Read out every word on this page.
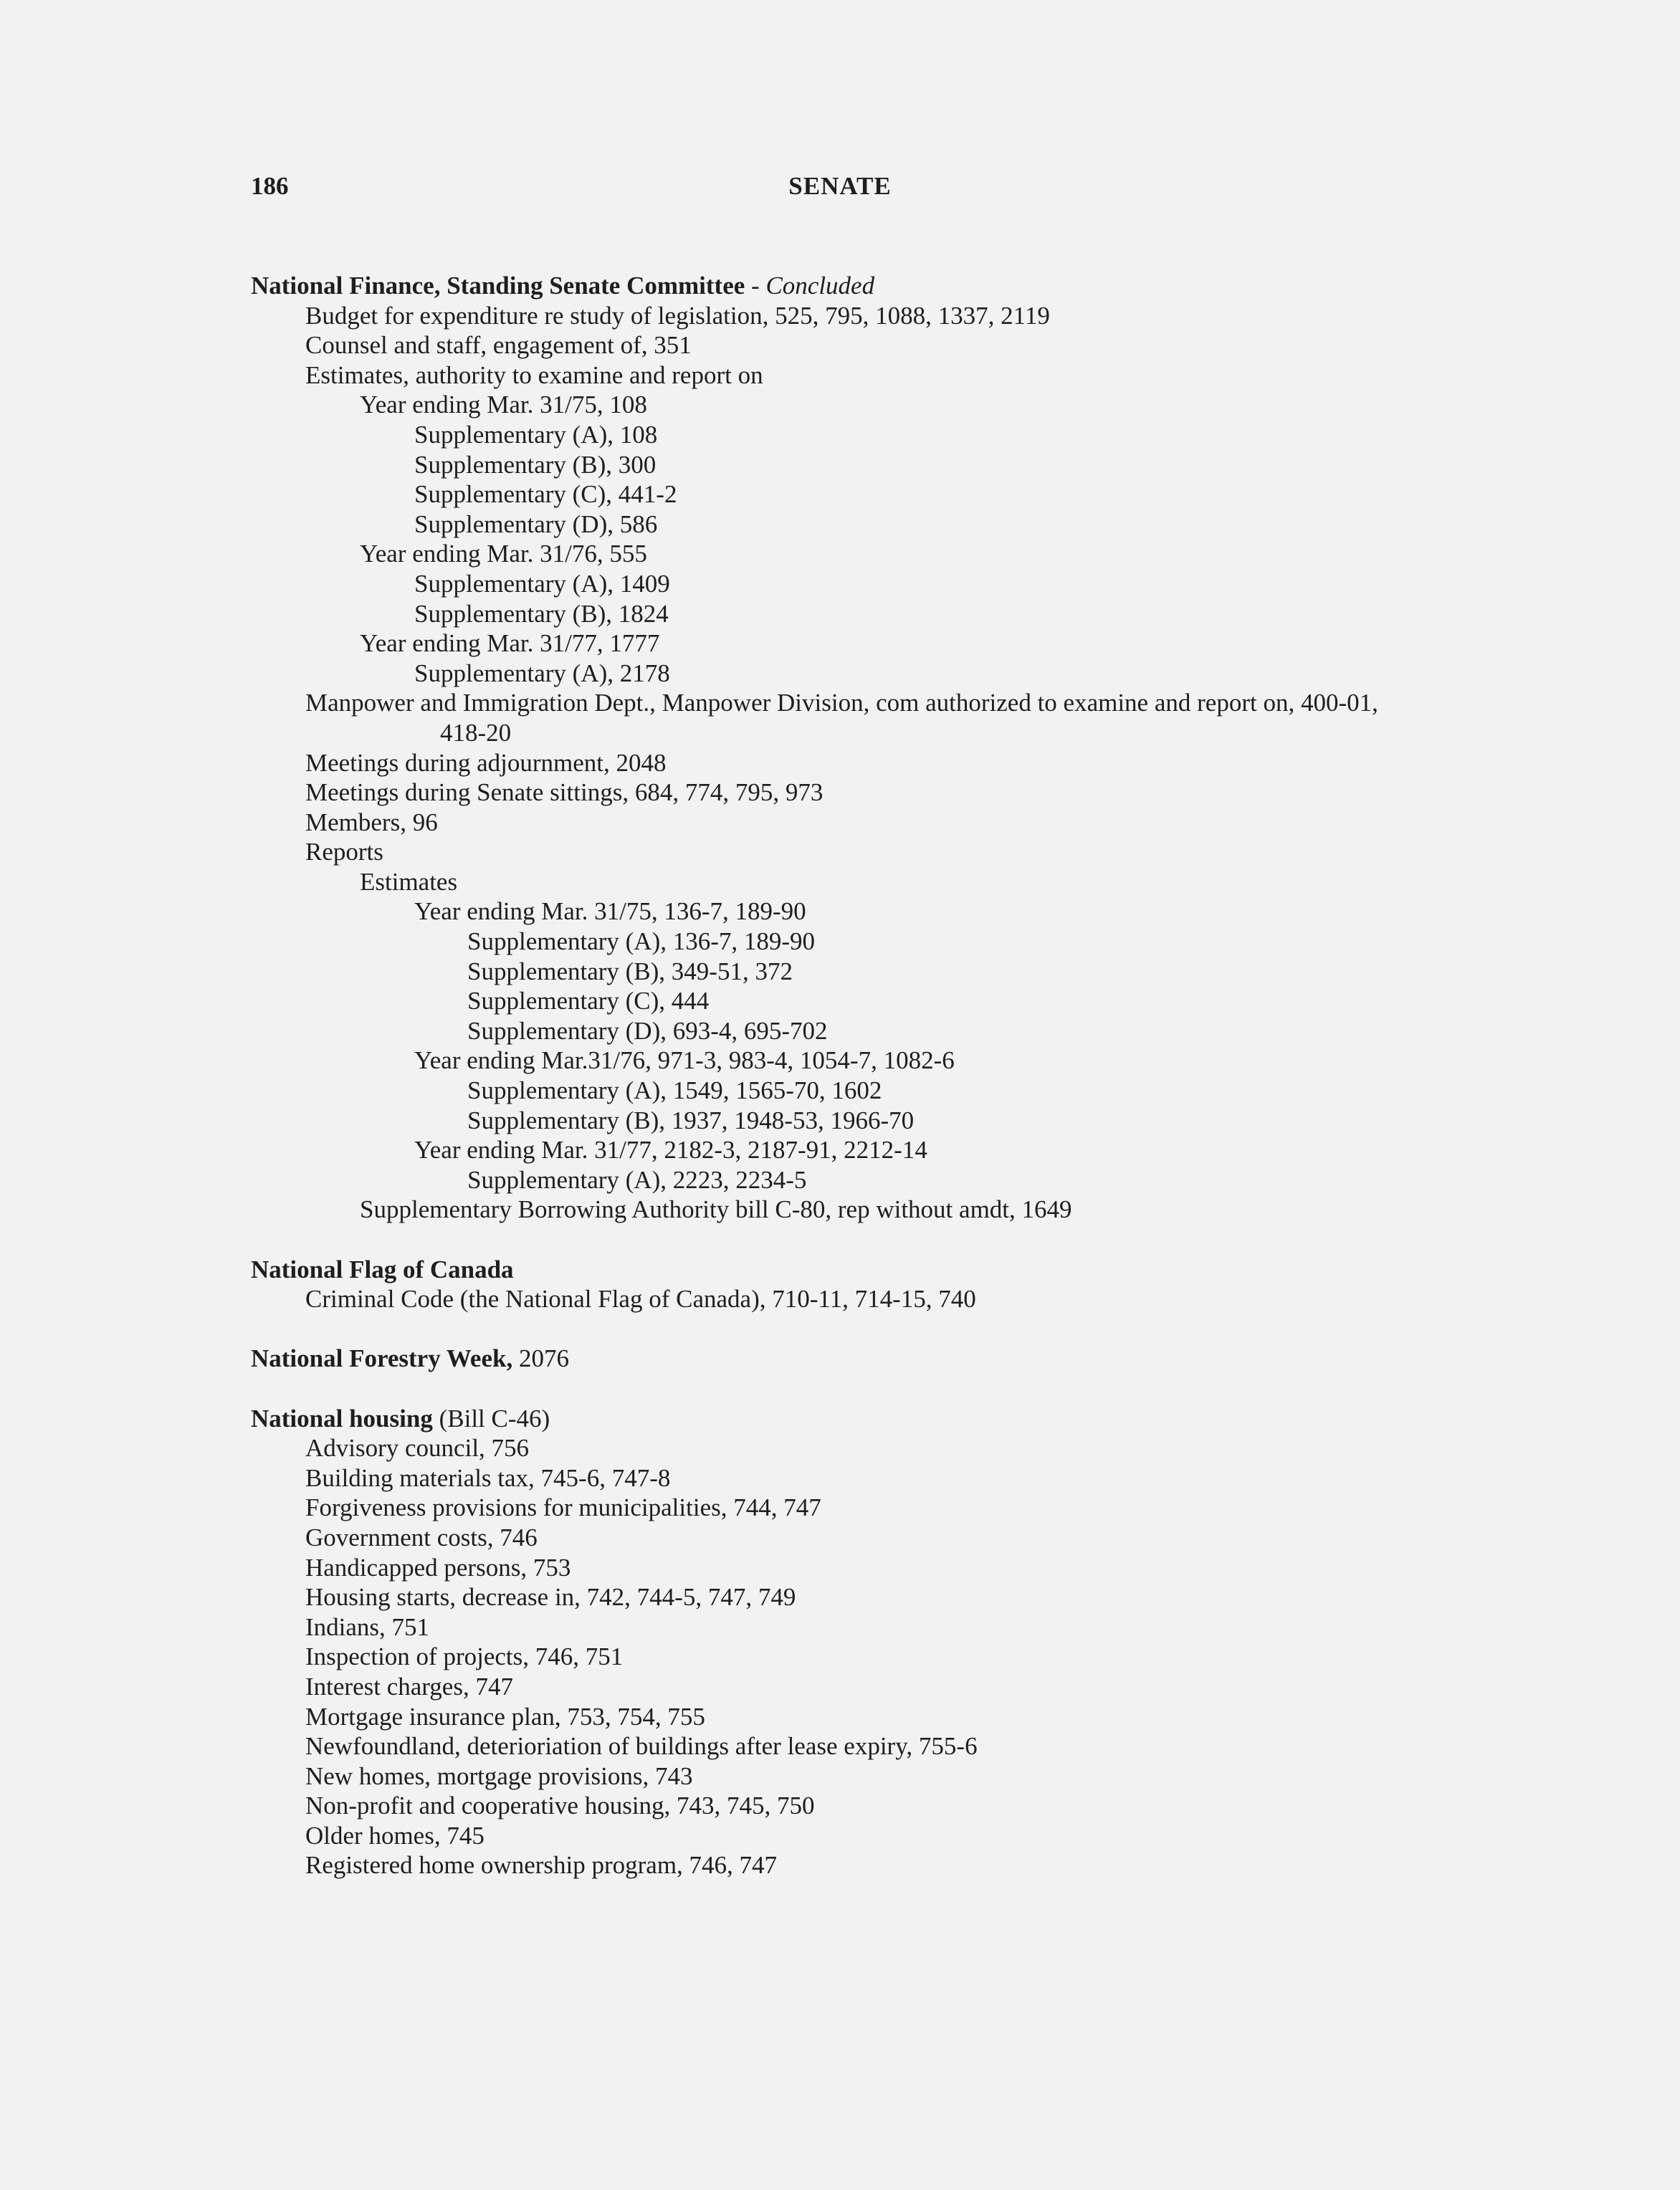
186	SENATE

National Finance, Standing Senate Committee - Concluded

Budget for expenditure re study of legislation, 525, 795, 1088, 1337, 2119
Counsel and staff, engagement of, 351
Estimates, authority to examine and report on
Year ending Mar. 31/75, 108
Supplementary (A), 108
Supplementary (B), 300
Supplementary (C), 441-2
Supplementary (D), 586
Year ending Mar. 31/76, 555
Supplementary (A), 1409
Supplementary (B), 1824
Year ending Mar. 31/77, 1777
Supplementary (A), 2178
Manpower and Immigration Dept., Manpower Division, com authorized to examine and report on, 400-01,
418-20
Meetings during adjournment, 2048
Meetings during Senate sittings, 684, 774, 795, 973
Members, 96
Reports
Estimates
Year ending Mar. 31/75, 136-7, 189-90
Supplementary (A), 136-7, 189-90
Supplementary (B), 349-51, 372
Supplementary (C), 444
Supplementary (D), 693-4, 695-702
Year ending Mar.31/76, 971-3, 983-4, 1054-7, 1082-6
Supplementary (A), 1549, 1565-70, 1602
Supplementary (B), 1937, 1948-53, 1966-70
Year ending Mar. 31/77, 2182-3, 2187-91, 2212-14
Supplementary (A), 2223, 2234-5
Supplementary Borrowing Authority bill C-80, rep without amdt, 1649

National Flag of Canada

Criminal Code (the National Flag of Canada), 710-11, 714-15, 740

National Forestry Week, 2076

National housing (Bill C-46)

Advisory council, 756
Building materials tax, 745-6, 747-8
Forgiveness provisions for municipalities, 744, 747
Government costs, 746
Handicapped persons, 753
Housing starts, decrease in, 742, 744-5, 747, 749
Indians, 751
Inspection of projects, 746, 751
Interest charges, 747
Mortgage insurance plan, 753, 754, 755
Newfoundland, deterioriation of buildings after lease expiry, 755-6
New homes, mortgage provisions, 743
Non-profit and cooperative housing, 743, 745, 750
Older homes, 745
Registered home ownership program, 746, 747
